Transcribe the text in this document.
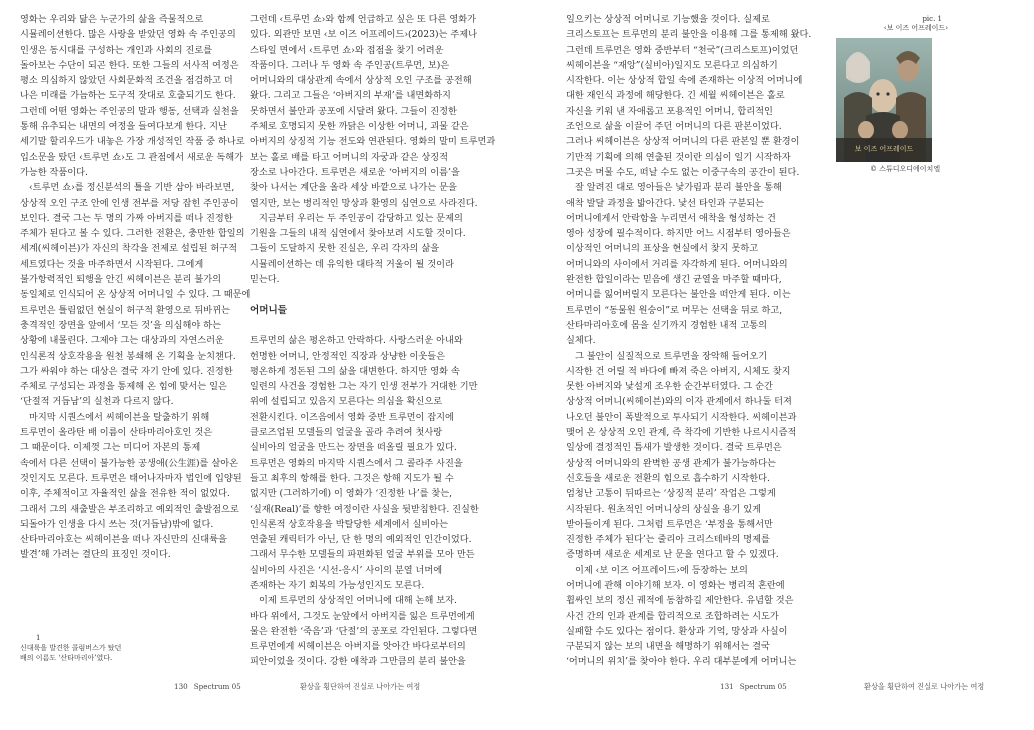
영화는 우리와 닮은 누군가의 삶을 즉물적으로

시뮬레이션한다. 많은 사랑을 받았던 영화 속 주인공의

인생은 동시대를 구성하는 개인과 사회의 진로를

돌아보는 수단이 되곤 한다. 또한 그들의 서사적 여정은

평소 의심하지 않았던 사회문화적 조건을 점검하고 더

나은 미래를 가늠하는 도구적 잣대로 호출되기도 한다.

그런데 어떤 영화는 주인공의 말과 행동, 선택과 실천을

통해 유추되는 내면의 여정을 들여다보게 한다. 지난

세기말 할리우드가 내놓은 가장 개성적인 작품 중 하나로

입소문을 탔던 ‹트루먼 쇼›도 그 관점에서 새로운 독해가

가능한 작품이다.

‹트루먼 쇼›를 정신분석의 틀을 기반 삼아 바라보면,

상상적 오인 구조 안에 인생 전부를 저당 잡힌 주인공이

보인다. 결국 그는 두 명의 가짜 아버지를 떠나 진정한

주체가 된다고 볼 수 있다. 그러한 전환은, 충만한 합일의

세계(씨헤이븐)가 자신의 착각을 전제로 설립된 허구적

세트였다는 것을 마주하면서 시작된다. 그에게

불가항력적인 퇴행을 안긴 씨헤이븐은 분리 불가의

동일체로 인식되어 온 상상적 어머니일 수 있다. 그 때문에

트루먼은 틀림없던 현실이 허구적 환영으로 뒤바뀌는

충격적인 장면을 앞에서 ‘모든 것’을 의심해야 하는

상황에 내몰린다. 그제야 그는 대상과의 자연스러운

인식론적 상호작용을 원천 봉쇄해 온 기획을 눈치챈다.

그가 싸워야 하는 대상은 결국 자기 안에 있다. 진정한

주체로 구성되는 과정을 통제해 온 힘에 맞서는 일은

‘단절적 거듭남’의 실천과 다르지 않다.

마지막 시퀀스에서 씨헤이븐을 탈출하기 위해

트루먼이 올라탄 배 이름이 산타마리아호인 것은

그 때문이다. 이제껏 그는 미디어 자본의 통제

속에서 다른 선택이 불가능한 공생애(公生涯)를 살아온

것인지도 모른다. 트루먼은 태어나자마자 법인에 입양된

이후, 주체적이고 자율적인 삶을 전유한 적이 없었다.

그래서 그의 새출발은 부조리하고 예외적인 출발점으로

되돌아가 인생을 다시 쓰는 것(거듭남)밖에 없다.

산타마리아호는 씨헤이븐을 떠나 자신만의 신대륙을

발견’해 가려는 결단의 표징인 것이다.

그런데 ‹트루먼 쇼›와 함께 언급하고 싶은 또 다른 영화가

있다. 외관만 보면 ‹보 이즈 어프레이드›(2023)는 주제나

스타일 면에서 ‹트루먼 쇼›와 접점을 찾기 어려운

작품이다. 그러나 두 영화 속 주인공(트루먼, 보)은

어머니와의 대상관계 속에서 상상적 오인 구조를 공전해

왔다. 그리고 그들은 ‘아버지의 부재’를 내면화하지

못하면서 불안과 공포에 시달려 왔다. 그들이 진정한

주체로 호명되지 못한 까닭은 이상한 어머니, 괴물 같은

아버지의 상징적 기능 전도와 연관된다. 영화의 말미 트루먼과

보는 홀로 배를 타고 어머니의 자궁과 같은 상징적

장소로 나아간다. 트루먼은 새로운 ‘아버지의 이름’을

찾아 나서는 계단을 올라 세상 바깥으로 나가는 문을

열지만, 보는 병리적인 망상과 환영의 심연으로 사라진다.

지금부터 우리는 두 주인공이 감당하고 있는 문제의

기원을 그들의 내적 심연에서 찾아보려 시도할 것이다.

그들이 도달하지 못한 진실은, 우리 각자의 삶을

시뮬레이션하는 데 유익한 대타적 거울이 될 것이라

믿는다.

어머니들

트루먼의 삶은 평온하고 안락하다. 사랑스러운 아내와

헌명한 어머니, 안정적인 직장과 상냥한 이웃들은

평온하게 정돈된 그의 삶을 대변한다. 하지만 영화 속

일련의 사건을 경험한 그는 자기 인생 전부가 거대한 기만

위에 설립되고 있음지 모른다는 의심을 확신으로

전환시킨다. 이즈음에서 영화 중반 트루먼이 잡지에

클로즈업된 모델들의 얼굴을 골라 추려여 첫사랑

실비아의 얼굴을 만드는 장면을 떠올릴 필요가 있다.

트루먼은 영화의 마지막 시퀀스에서 그 콜라주 사진을

들고 최후의 항해를 한다. 그것은 항해 지도가 될 수

없지만 (그러하기에) 이 영화가 ‘진정한 나’를 찾는,

‘실재(Real)’를 향한 여정이란 사실을 뒷받침한다. 진실한

인식론적 상호작용을 박탈당한 세계에서 실비아는

연출된 캐릭터가 아닌, 단 한 명의 예외적인 인간이었다.

그래서 무수한 모델들의 파편화된 얼굴 부위를 모아 만든

실비아의 사진은 ‘시선-응시’ 사이의 분열 너머에

존재하는 자기 회복의 가능성인지도 모른다.

이제 트루먼의 상상적인 어머니에 대해 논해 보자.

바다 위에서, 그것도 눈앞에서 아버지를 잃은 트루먼에게

물은 완전한 ‘죽음’과 ‘단절’의 공포로 각인된다. 그렇다면

트루먼에게 씨헤이븐은 아버지를 앗아간 바다로부터의

피안이었을 것이다. 강한 애착과 그만큼의 분리 불안을

1
신대륙을 발견한 콜럼버스가 탔던
배의 이름도 ‘산타마리아’였다.
130 Spectrum 05	환상을 횡단하여 진실로 나아가는 여정

일으키는 상상적 어머니로 기능했을 것이다. 실제로

크리스토프는 트루먼의 분리 불안을 이용해 그를 통제해 왔다.

그런데 트루먼은 영화 중반부터 “천국”(크리스토프)이었던

씨헤이븐을 “재앙”(실비아)일지도 모른다고 의심하기

시작한다. 이는 상상적 합일 속에 존재하는 이상적 어머니에

대한 재인식 과정에 해당한다. 긴 세월 씨헤이븐은 홀로

자신을 키워 낸 자애롭고 포용적인 어머니, 합리적인

조언으로 삶을 이끌어 주던 어머니의 다른 판본이었다.

그러나 씨헤이븐은 상상적 어머니의 다른 판본일 뿐 환경이

기만적 기획에 의해 연출된 것이란 의심이 일기 시작하자

그곳은 머물 수도, 떠날 수도 없는 이중구속의 공간이 된다.

잘 알려진 대로 영아들은 낯가림과 분리 불안을 통해

애착 발달 과정을 밟아간다. 낯선 타인과 구분되는

어머니에게서 안락함을 누리면서 애착을 형성하는 건

영아 성장에 필수적이다. 하지만 어느 시점부터 영아들은

이상적인 어머니의 표상을 현실에서 찾지 못하고

어머니와의 사이에서 거리를 자각하게 된다. 어머니와의

완전한 합일이라는 믿음에 생긴 균열을 마주할 때마다,

어머니를 잃어버릴지 모른다는 불안을 떠안게 된다. 이는

트루먼이 “동물원 원숭이”로 머무는 선택을 뒤로 하고,

산타마리아호에 몸을 싣기까지 경험한 내적 고통의

실체다.

그 불안이 실질적으로 트루먼을 장악해 들어오기

시작한 건 어릴 적 바다에 빠져 죽은 아버지, 시체도 찾지

못한 아버지와 낯설게 조우한 순간부터였다. 그 순간

상상적 어머니(씨헤이븐)와의 이자 관계에서 하나둘 터져

나오던 불안이 폭발적으로 투사되기 시작한다. 씨헤이븐과

맺어 온 상상적 오인 관계, 즉 착각에 기반한 나르시시즘적

일상에 결정적인 틈새가 발생한 것이다. 결국 트루먼은

상상적 어머니와의 완벽한 공생 관계가 불가능하다는

신호들을 새로운 전환의 힘으로 흡수하기 시작한다.

엄청난 고통이 뒤따르는 ‘상징적 분리’ 작업은 그렇게

시작된다. 원초적인 어머니상의 상실을 용기 있게

받아들이게 된다. 그처럼 트루먼은 ‘부정을 통해서만

진정한 주체가 된다’는 줄리아 크리스테바의 명제를

증명하며 새로운 세계로 난 문을 연다고 할 수 있겠다.

이제 ‹보 이즈 어프레이드›에 등장하는 보의

어머니에 관해 이야기해 보자. 이 영화는 병리적 혼란에

휩싸인 보의 정신 궤적에 동참하길 제안한다. 유념할 것은

사건 간의 인과 관계를 합리적으로 조합하려는 시도가

실패할 수도 있다는 점이다. 환상과 기억, 망상과 사실이

구분되지 않는 보의 내면을 해명하기 위해서는 결국

‘어머니의 위치’를 찾아야 한다. 우리 대부분에게 어머니는

pic. 1
‹보 이즈 어프레이드›
보 이즈 어프레이드
© 스튜디오디에이치엘
131 Spectrum 05	환상을 횡단하여 진실로 나아가는 여정
